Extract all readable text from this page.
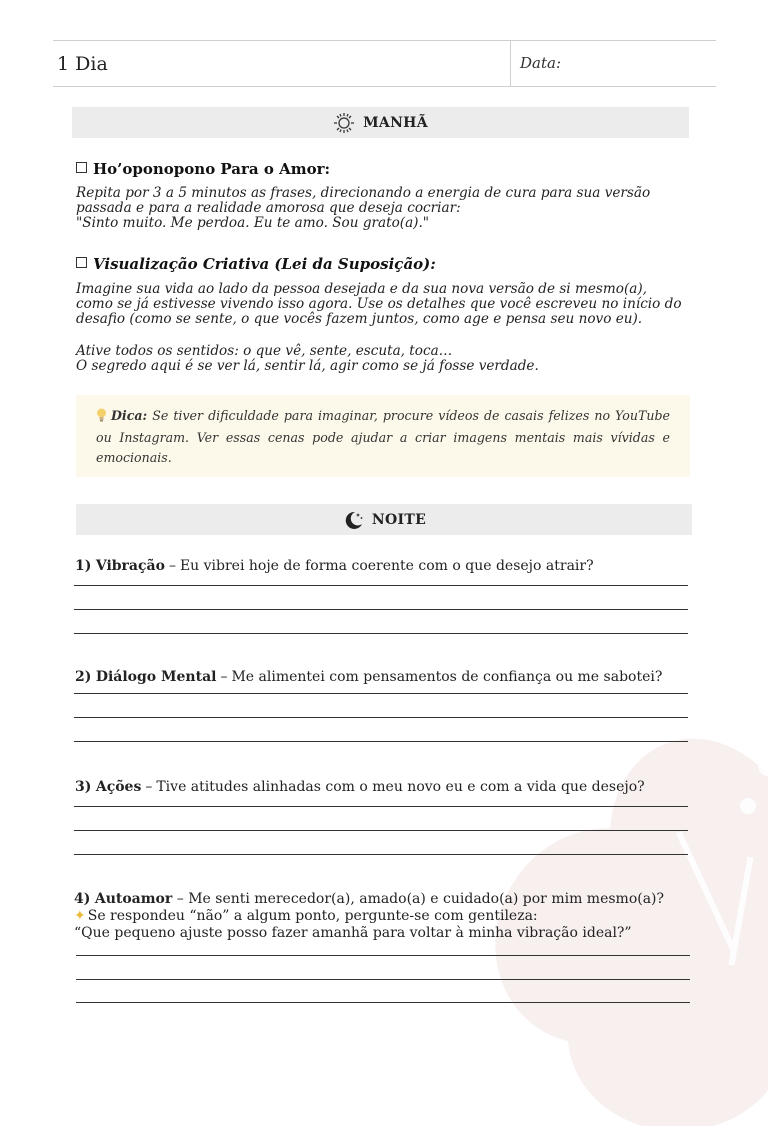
1 Dia	Data:
MANHÃ
Ho’oponopono Para o Amor:
Repita por 3 a 5 minutos as frases, direcionando a energia de cura para sua versão
passada e para a realidade amorosa que deseja cocriar:
"Sinto muito. Me perdoa. Eu te amo. Sou grato(a)."
Visualização Criativa (Lei da Suposição):
Imagine sua vida ao lado da pessoa desejada e da sua nova versão de si mesmo(a),
como se já estivesse vivendo isso agora. Use os detalhes que você escreveu no início do
desafio (como se sente, o que vocês fazem juntos, como age e pensa seu novo eu).
Ative todos os sentidos: o que vê, sente, escuta, toca…
O segredo aqui é se ver lá, sentir lá, agir como se já fosse verdade.
Dica: Se tiver dificuldade para imaginar, procure vídeos de casais felizes no YouTube ou Instagram. Ver essas cenas pode ajudar a criar imagens mentais mais vívidas e emocionais.
NOITE
1) Vibração – Eu vibrei hoje de forma coerente com o que desejo atrair?
2) Diálogo Mental – Me alimentei com pensamentos de confiança ou me sabotei?
3) Ações – Tive atitudes alinhadas com o meu novo eu e com a vida que desejo?
4) Autoamor – Me senti merecedor(a), amado(a) e cuidado(a) por mim mesmo(a)?
✦ Se respondeu “não” a algum ponto, pergunte-se com gentileza:
“Que pequeno ajuste posso fazer amanhã para voltar à minha vibração ideal?”
